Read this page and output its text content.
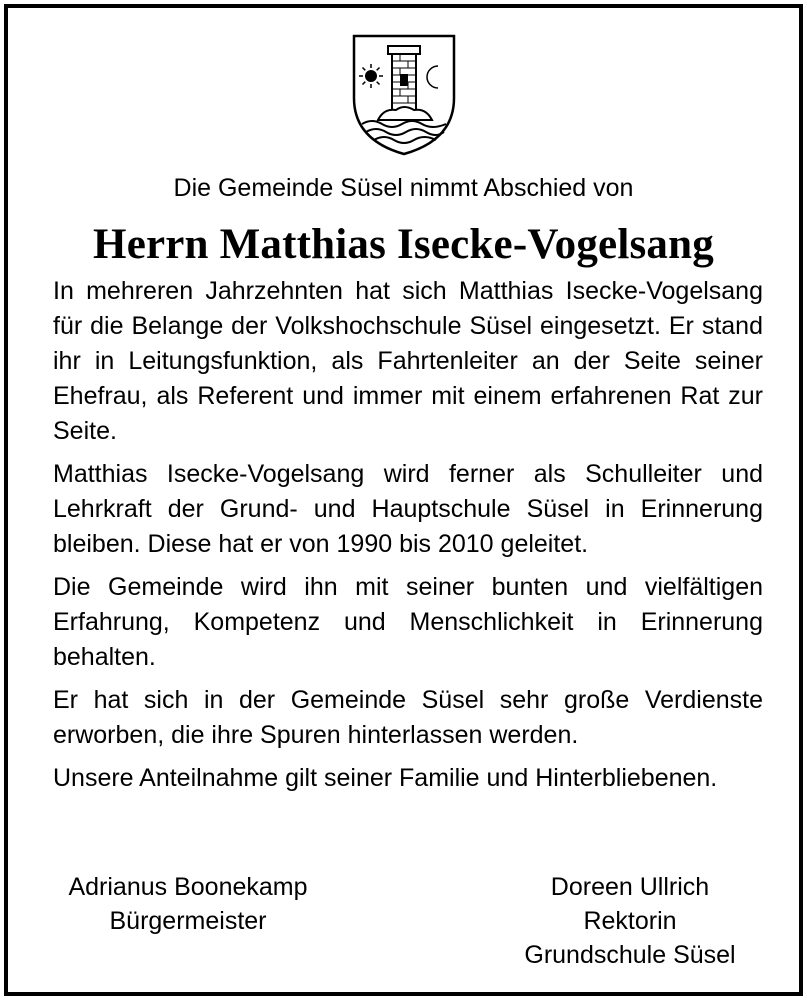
Die Gemeinde Süsel nimmt Abschied von
Herrn Matthias Isecke-Vogelsang

In mehreren Jahrzehnten hat sich Matthias Isecke-Vogelsang für die Belange der Volkshochschule Süsel eingesetzt. Er stand ihr in Leitungsfunktion, als Fahrtenleiter an der Seite seiner Ehefrau, als Referent und immer mit einem erfahrenen Rat zur Seite.

Matthias Isecke-Vogelsang wird ferner als Schulleiter und Lehrkraft der Grund- und Hauptschule Süsel in Erinnerung bleiben. Diese hat er von 1990 bis 2010 geleitet.

Die Gemeinde wird ihn mit seiner bunten und vielfältigen Erfahrung, Kompetenz und Menschlichkeit in Erinnerung behalten.

Er hat sich in der Gemeinde Süsel sehr große Verdienste erworben, die ihre Spuren hinterlassen werden.

Unsere Anteilnahme gilt seiner Familie und Hinterbliebenen.

Adrianus Boonekamp
Bürgermeister
Doreen Ullrich
Rektorin
Grundschule Süsel
